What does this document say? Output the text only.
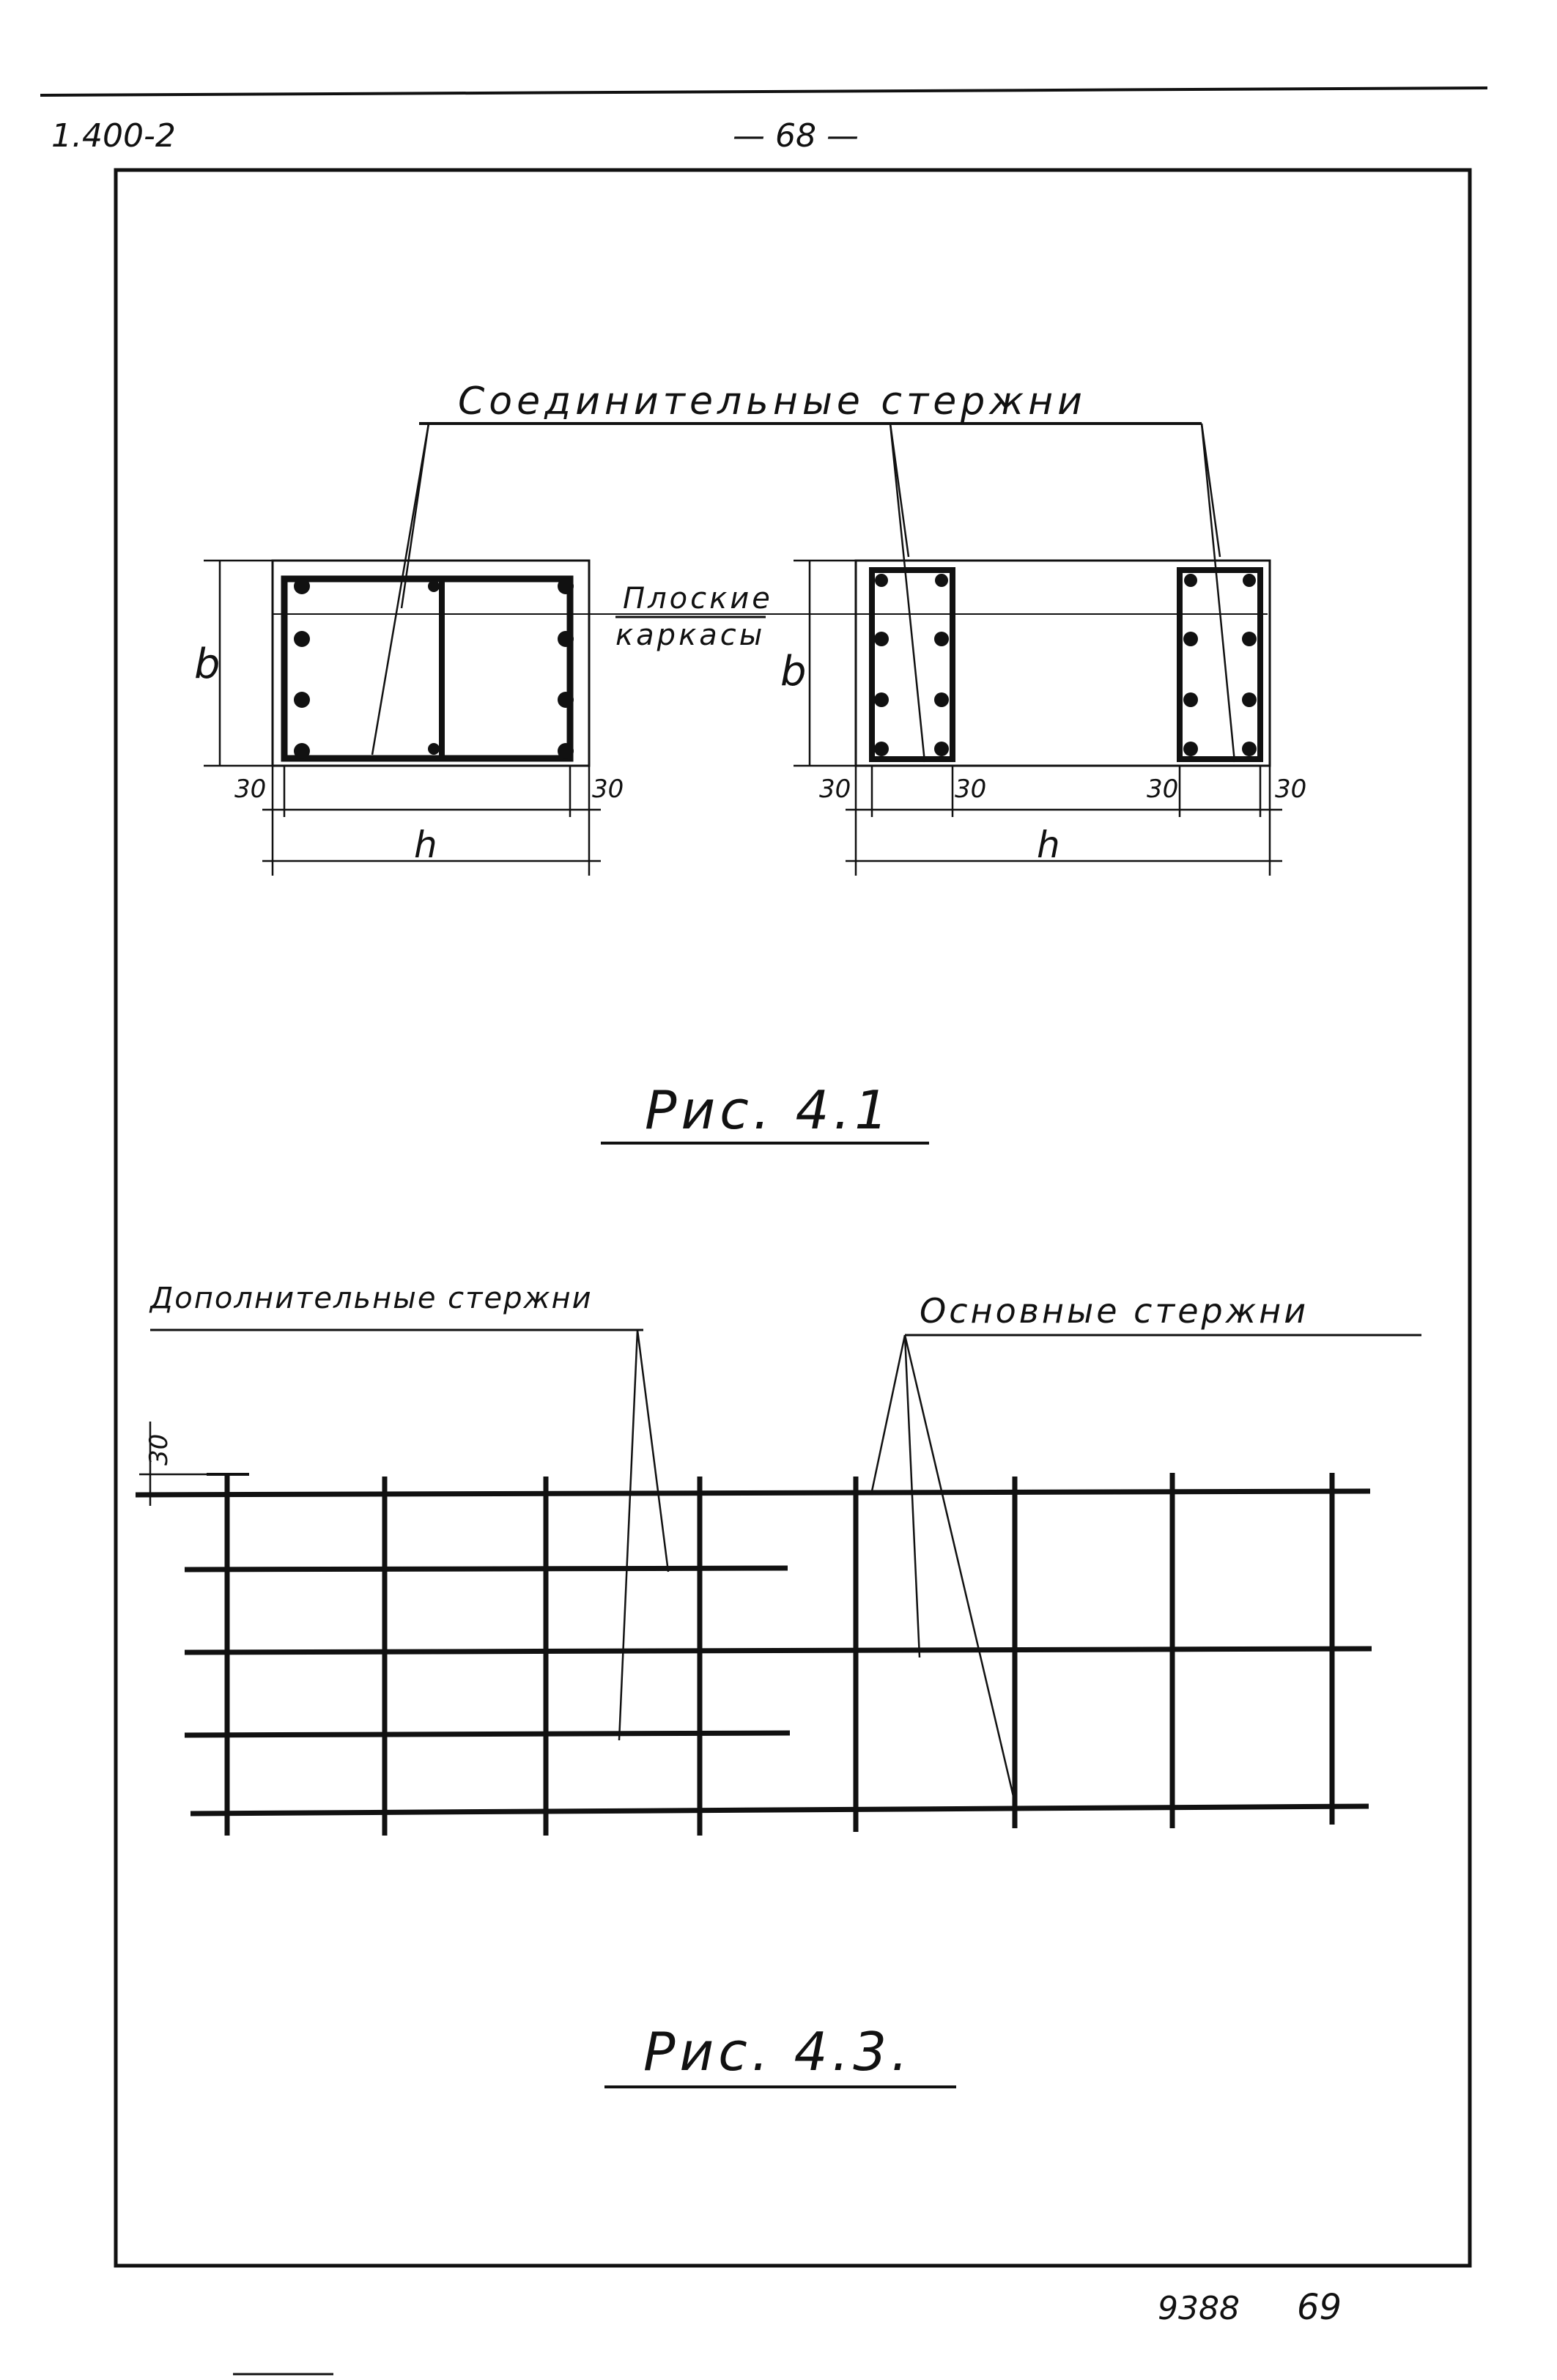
1.400-2	— 68 —
Соединительные стержни
Плоские
каркасы
b	b
h	h
30	30	30	30	30	30
Рис. 4.1
Дополнительные стержни	Основные стержни
30
Рис. 4.3.
9388 69
